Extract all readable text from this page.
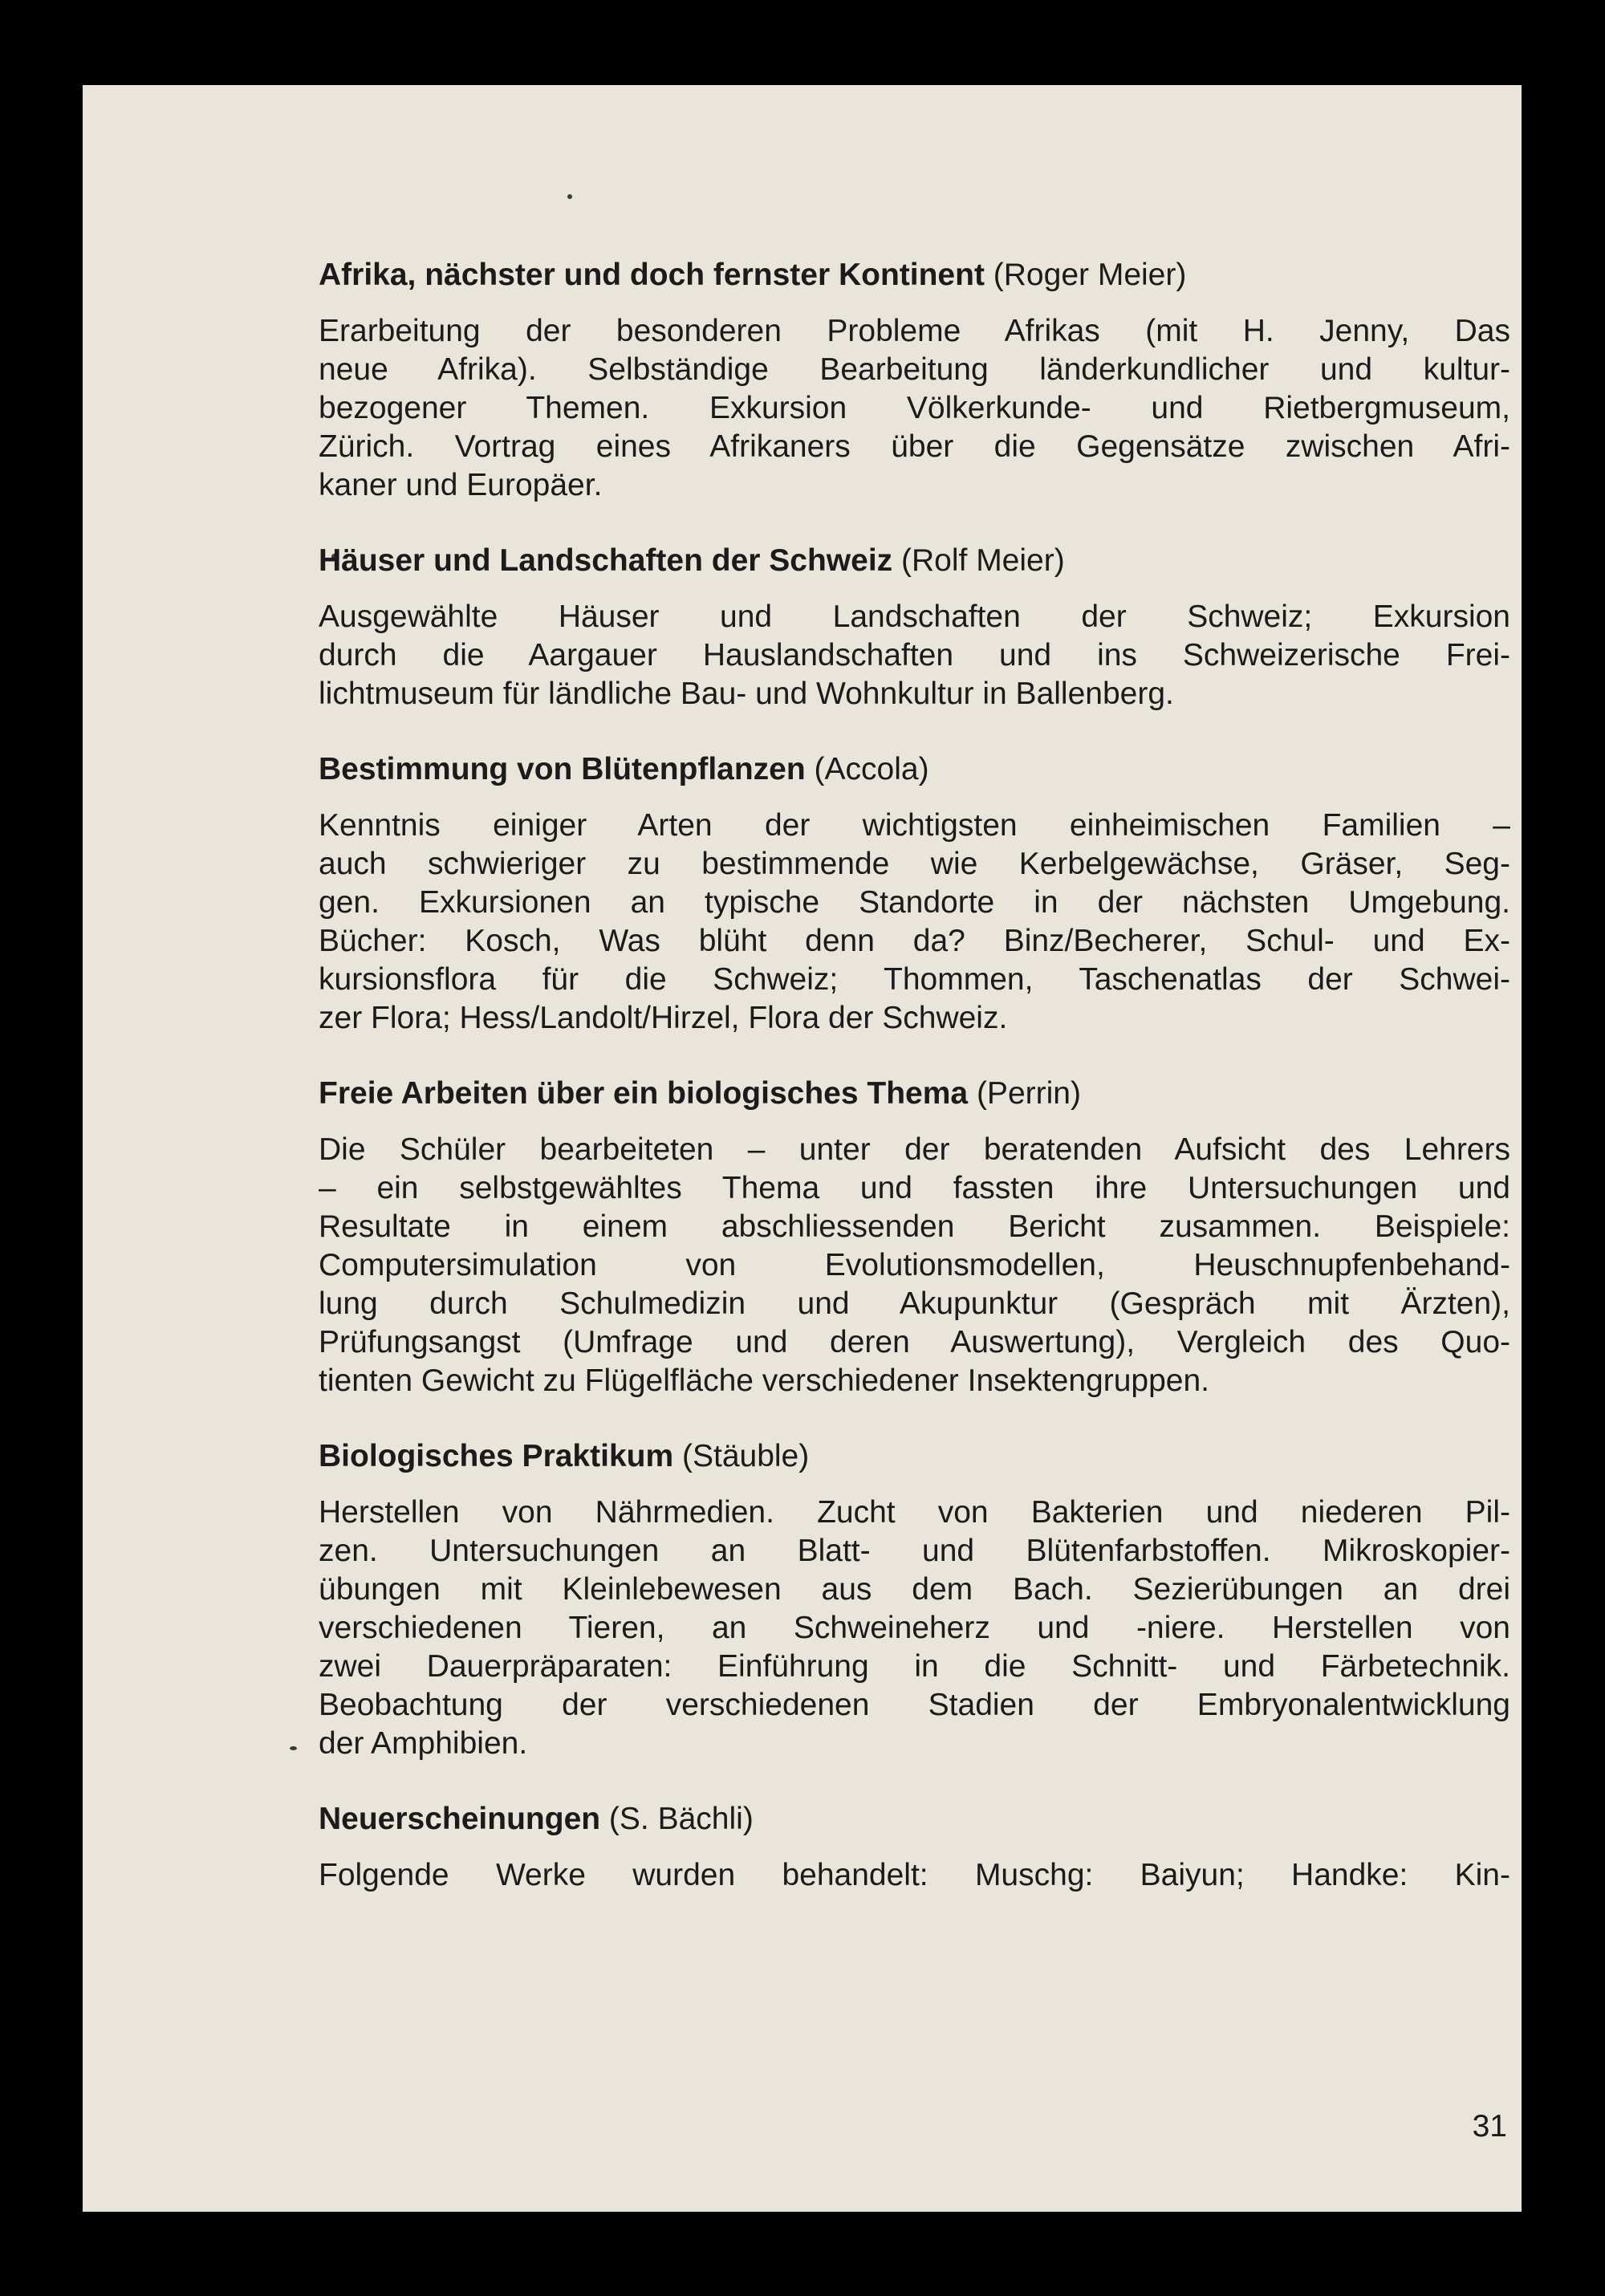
Afrika, nächster und doch fernster Kontinent (Roger Meier)
Erarbeitung der besonderen Probleme Afrikas (mit H. Jenny, Das
neue Afrika). Selbständige Bearbeitung länderkundlicher und kultur-
bezogener Themen. Exkursion Völkerkunde- und Rietbergmuseum,
Zürich. Vortrag eines Afrikaners über die Gegensätze zwischen Afri-
kaner und Europäer.
Häuser und Landschaften der Schweiz (Rolf Meier)
Ausgewählte Häuser und Landschaften der Schweiz; Exkursion
durch die Aargauer Hauslandschaften und ins Schweizerische Frei-
lichtmuseum für ländliche Bau- und Wohnkultur in Ballenberg.
Bestimmung von Blütenpflanzen (Accola)
Kenntnis einiger Arten der wichtigsten einheimischen Familien –
auch schwieriger zu bestimmende wie Kerbelgewächse, Gräser, Seg-
gen. Exkursionen an typische Standorte in der nächsten Umgebung.
Bücher: Kosch, Was blüht denn da? Binz/Becherer, Schul- und Ex-
kursionsflora für die Schweiz; Thommen, Taschenatlas der Schwei-
zer Flora; Hess/Landolt/Hirzel, Flora der Schweiz.
Freie Arbeiten über ein biologisches Thema (Perrin)
Die Schüler bearbeiteten – unter der beratenden Aufsicht des Lehrers
– ein selbstgewähltes Thema und fassten ihre Untersuchungen und
Resultate in einem abschliessenden Bericht zusammen. Beispiele:
Computersimulation von Evolutionsmodellen, Heuschnupfenbehand-
lung durch Schulmedizin und Akupunktur (Gespräch mit Ärzten),
Prüfungsangst (Umfrage und deren Auswertung), Vergleich des Quo-
tienten Gewicht zu Flügelfläche verschiedener Insektengruppen.
Biologisches Praktikum (Stäuble)
Herstellen von Nährmedien. Zucht von Bakterien und niederen Pil-
zen. Untersuchungen an Blatt- und Blütenfarbstoffen. Mikroskopier-
übungen mit Kleinlebewesen aus dem Bach. Sezierübungen an drei
verschiedenen Tieren, an Schweineherz und -niere. Herstellen von
zwei Dauerpräparaten: Einführung in die Schnitt- und Färbetechnik.
Beobachtung der verschiedenen Stadien der Embryonalentwicklung
der Amphibien.
Neuerscheinungen (S. Bächli)
Folgende Werke wurden behandelt: Muschg: Baiyun; Handke: Kin-
31
